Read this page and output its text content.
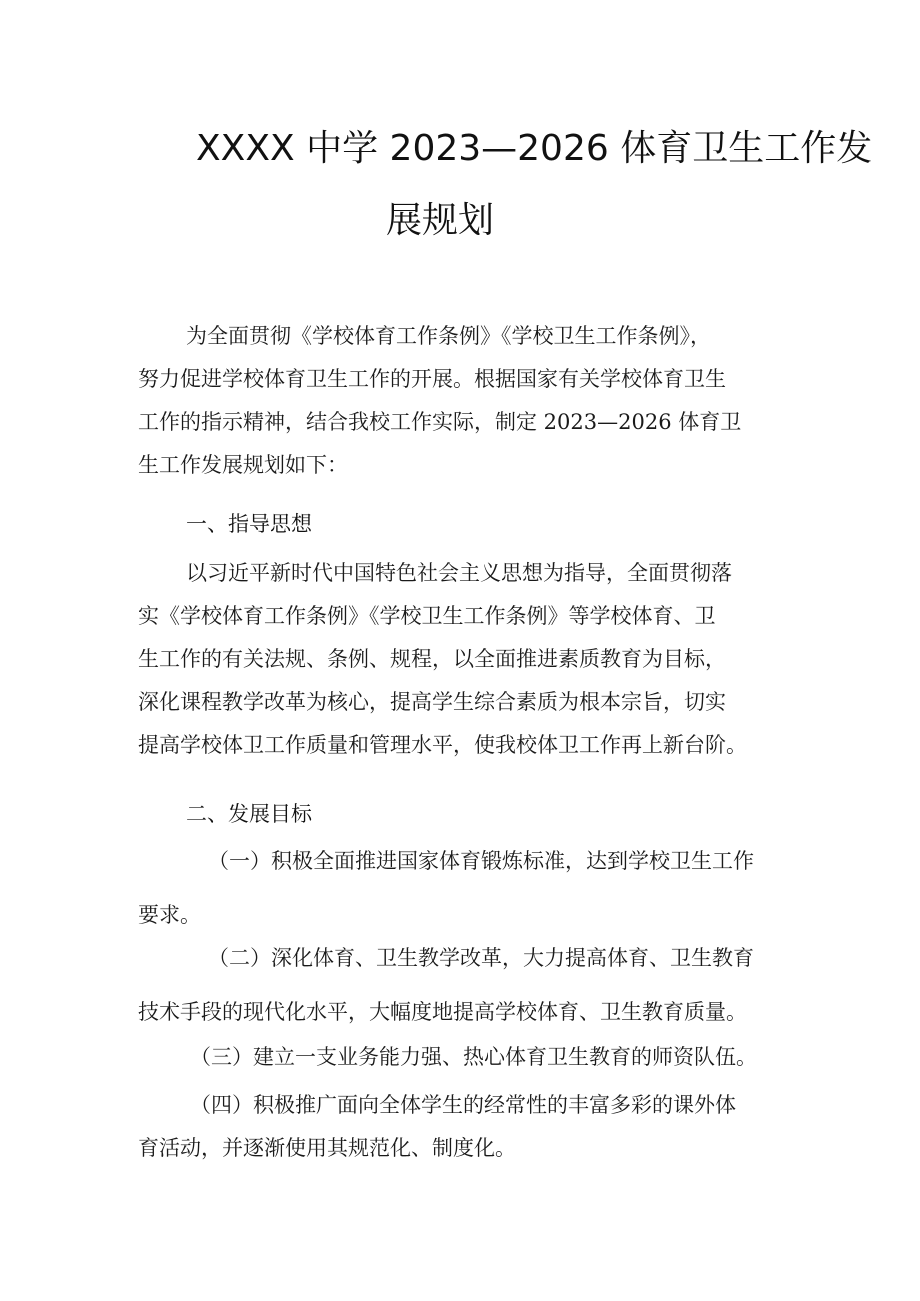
XXXX 中学 2023—2026 体育卫生工作发
展规划
为全面贯彻《学校体育工作条例》《学校卫生工作条例》，
努力促进学校体育卫生工作的开展。根据国家有关学校体育卫生
工作的指示精神，结合我校工作实际，制定 2023—2026 体育卫
生工作发展规划如下：
一、指导思想
以习近平新时代中国特色社会主义思想为指导，全面贯彻落
实《学校体育工作条例》《学校卫生工作条例》等学校体育、卫
生工作的有关法规、条例、规程，以全面推进素质教育为目标，
深化课程教学改革为核心，提高学生综合素质为根本宗旨，切实
提高学校体卫工作质量和管理水平，使我校体卫工作再上新台阶。
二、发展目标
（一）积极全面推进国家体育锻炼标准，达到学校卫生工作
要求。
（二）深化体育、卫生教学改革，大力提高体育、卫生教育
技术手段的现代化水平，大幅度地提高学校体育、卫生教育质量。
（三）建立一支业务能力强、热心体育卫生教育的师资队伍。
（四）积极推广面向全体学生的经常性的丰富多彩的课外体
育活动，并逐渐使用其规范化、制度化。
